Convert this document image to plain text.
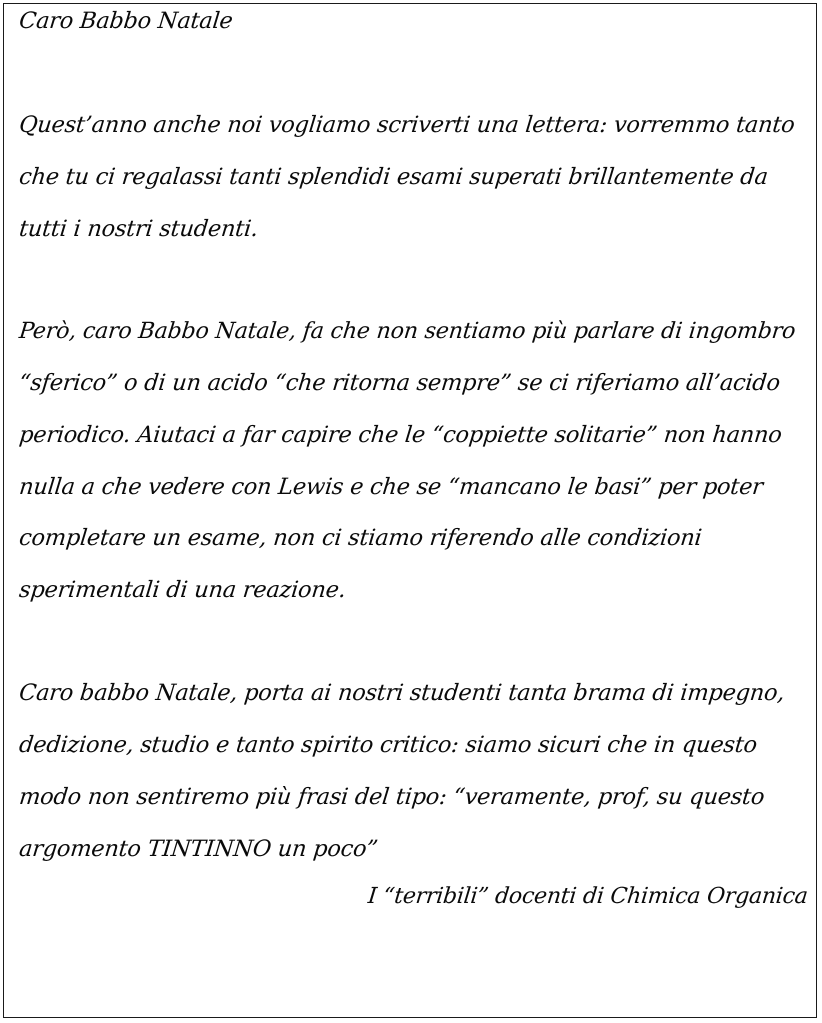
Caro Babbo Natale
Quest’anno anche noi vogliamo scriverti una lettera: vorremmo tanto
che tu ci regalassi tanti splendidi esami superati brillantemente da
tutti i nostri studenti.
Però, caro Babbo Natale, fa che non sentiamo più parlare di ingombro
“sferico” o di un acido “che ritorna sempre” se ci riferiamo all’acido
periodico. Aiutaci a far capire che le “coppiette solitarie” non hanno
nulla a che vedere con Lewis e che se “mancano le basi” per poter
completare un esame, non ci stiamo riferendo alle condizioni
sperimentali di una reazione.
Caro babbo Natale, porta ai nostri studenti tanta brama di impegno,
dedizione, studio e tanto spirito critico: siamo sicuri che in questo
modo non sentiremo più frasi del tipo: “veramente, prof, su questo
argomento TINTINNO un poco”
I “terribili” docenti di Chimica Organica
